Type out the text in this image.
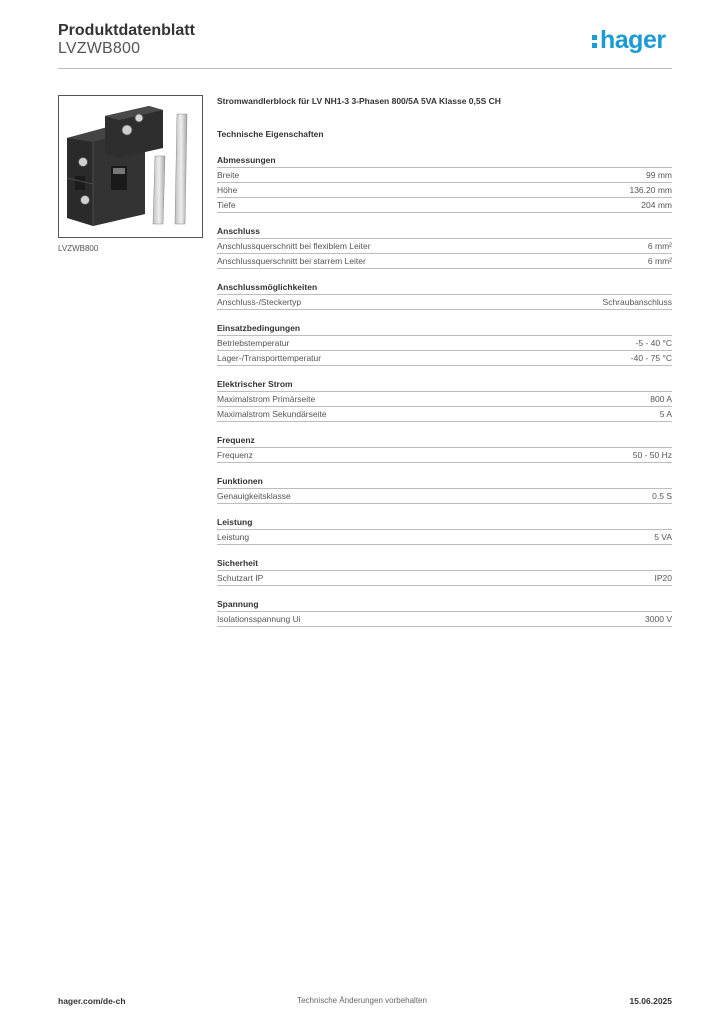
Produktdatenblatt
LVZWB800	hager
LVZWB800
Stromwandlerblock für LV NH1-3 3-Phasen 800/5A 5VA Klasse 0,5S CH
Technische Eigenschaften
Abmessungen
Breite	99 mm
Höhe	136.20 mm
Tiefe	204 mm
Anschluss
Anschlussquerschnitt bei flexiblem Leiter	6 mm²
Anschlussquerschnitt bei starrem Leiter	6 mm²
Anschlussmöglichkeiten
Anschluss-/Steckertyp	Schraubanschluss
Einsatzbedingungen
Betriebstemperatur	-5 - 40 °C
Lager-/Transporttemperatur	-40 - 75 °C
Elektrischer Strom
Maximalstrom Primärseite	800 A
Maximalstrom Sekundärseite	5 A
Frequenz
Frequenz	50 - 50 Hz
Funktionen
Genauigkeitsklasse	0.5 S
Leistung
Leistung	5 VA
Sicherheit
Schutzart IP	IP20
Spannung
Isolationsspannung Ui	3000 V
Technische Änderungen vorbehalten
hager.com/de-ch	15.06.2025
